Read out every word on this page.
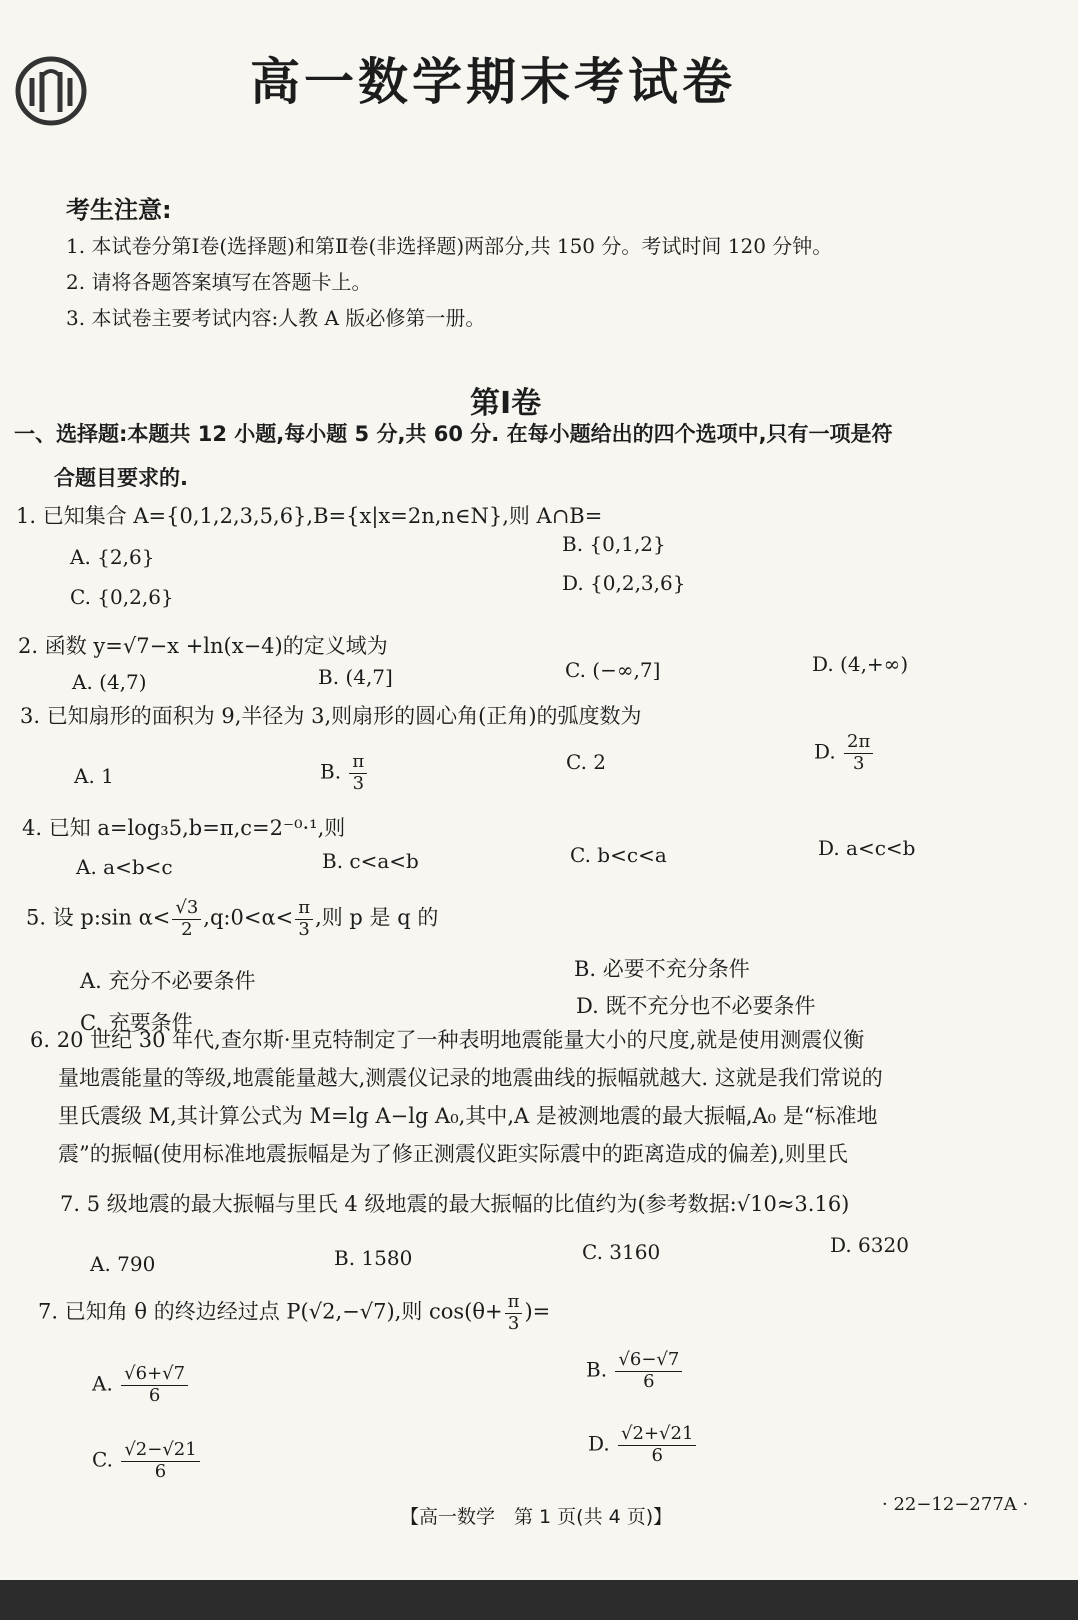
高一数学期末考试卷
考生注意:
1. 本试卷分第Ⅰ卷(选择题)和第Ⅱ卷(非选择题)两部分,共 150 分。考试时间 120 分钟。
2. 请将各题答案填写在答题卡上。
3. 本试卷主要考试内容:人教 A 版必修第一册。
第Ⅰ卷
一、选择题:本题共 12 小题,每小题 5 分,共 60 分. 在每小题给出的四个选项中,只有一项是符
合题目要求的.
1. 已知集合 A={0,1,2,3,5,6},B={x|x=2n,n∈N},则 A∩B=
A. {2,6}
B. {0,1,2}
C. {0,2,6}
D. {0,2,3,6}
2. 函数 y=√7−x +ln(x−4)的定义域为
A. (4,7)	B. (4,7]	C. (−∞,7]	D. (4,+∞)
3. 已知扇形的面积为 9,半径为 3,则扇形的圆心角(正角)的弧度数为
A. 1	B. $\frac{\pi}{3}$	C. 2	D. $\frac{2\pi}{3}$
4. 已知 a=log₃5,b=π,c=2⁻⁰·¹,则
A. a<b<c	B. c<a<b	C. b<c<a	D. a<c<b
5. 设 p:sin $\alpha< \frac{√3}{2}$ ,q:0<α< $\frac{\pi}{3}$ ,则 p 是 q 的
A. 充分不必要条件	B. 必要不充分条件
C. 充要条件
D. 既不充分也不必要条件
6. 20 世纪 30 年代,查尔斯·里克特制定了一种表明地震能量大小的尺度,就是使用测震仪衡
量地震能量的等级,地震能量越大,测震仪记录的地震曲线的振幅就越大. 这就是我们常说的
里氏震级 M,其计算公式为 M=lg A−lg A₀,其中,A 是被测地震的最大振幅,A₀ 是“标准地
震”的振幅(使用标准地震振幅是为了修正测震仪距实际震中的距离造成的偏差),则里氏
7. 5 级地震的最大振幅与里氏 4 级地震的最大振幅的比值约为(参考数据:√10≈3.16)
A. 790	B. 1580	C. 3160	D. 6320
7. 已知角 θ 的终边经过点 P(√2,−√7),则 $\cos(\theta+ \frac{\pi}{3}$ )=
A. $\frac{√6+√7}{6}$	B. $\frac{√6-√7}{6}$
C. $\frac{√2-√21}{6}$	D. $\frac{√2+√21}{6}$
【高一数学　第 1 页(共 4 页)】
· 22−12−277A ·
